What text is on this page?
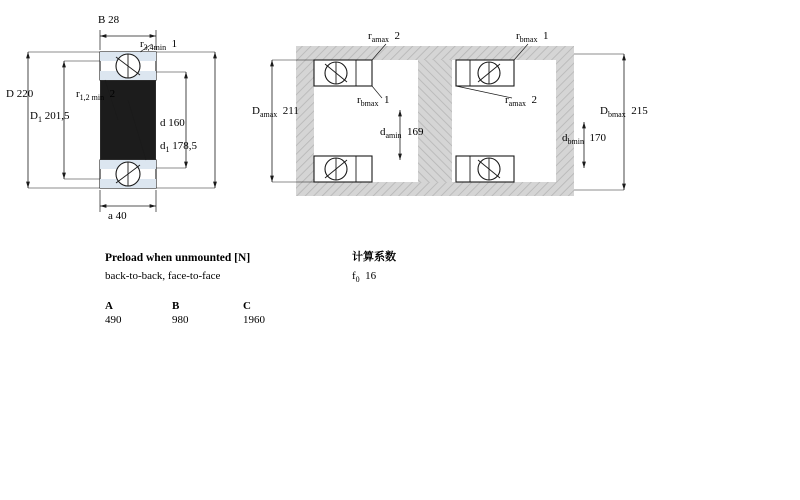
B 28
$r_{3,4min}$ 1
D 220	$r_{1,2 min}$ 2
$D_1$ 201,5
d 160
$d_1$ 178,5
a 40
$r_{amax}$ 2	$r_{bmax}$ 1
$r_{bmax}$ 1	$r_{amax}$ 2
$D_{amax}$ 211	$D_{bmax}$ 215
$d_{amin}$ 169	$d_{bmin}$ 170
Preload when unmounted [N]
back-to-back, face-to-face
A	B	C
490	980	1960
计算系数
$f_0$ 16
